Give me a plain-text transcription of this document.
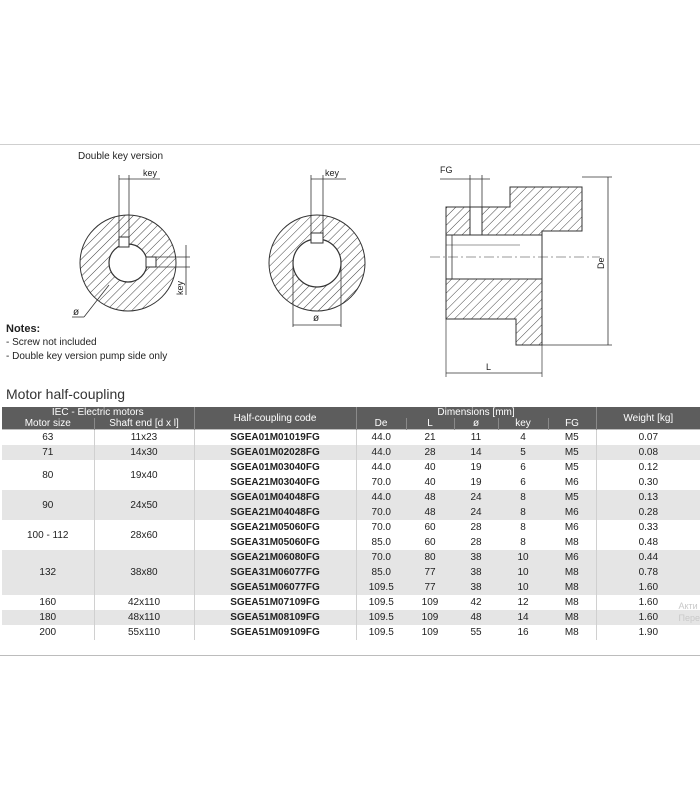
Double key version
key
key
ø
key
ø
FG
De
L
Notes:
- Screw not included
- Double key version pump side only
Motor half-coupling
IEC - Electric motors		Half-coupling code	Dimensions [mm]					Weight [kg]
Motor size	Shaft end [d x l]		De	L	ø	key	FG	
63	11x23	SGEA01M01019FG	44.0	21	11	4	M5	0.07
71	14x30	SGEA01M02028FG	44.0	28	14	5	M5	0.08
80	19x40	SGEA01M03040FG	44.0	40	19	6	M5	0.12
		SGEA21M03040FG	70.0	40	19	6	M6	0.30
90	24x50	SGEA01M04048FG	44.0	48	24	8	M5	0.13
		SGEA21M04048FG	70.0	48	24	8	M6	0.28
100 - 112	28x60	SGEA21M05060FG	70.0	60	28	8	M6	0.33
		SGEA31M05060FG	85.0	60	28	8	M8	0.48
132	38x80	SGEA21M06080FG	70.0	80	38	10	M6	0.44
		SGEA31M06077FG	85.0	77	38	10	M8	0.78
		SGEA51M06077FG	109.5	77	38	10	M8	1.60
160	42x110	SGEA51M07109FG	109.5	109	42	12	M8	1.60
180	48x110	SGEA51M08109FG	109.5	109	48	14	M8	1.60
200	55x110	SGEA51M09109FG	109.5	109	55	16	M8	1.90
Акти
Пере
